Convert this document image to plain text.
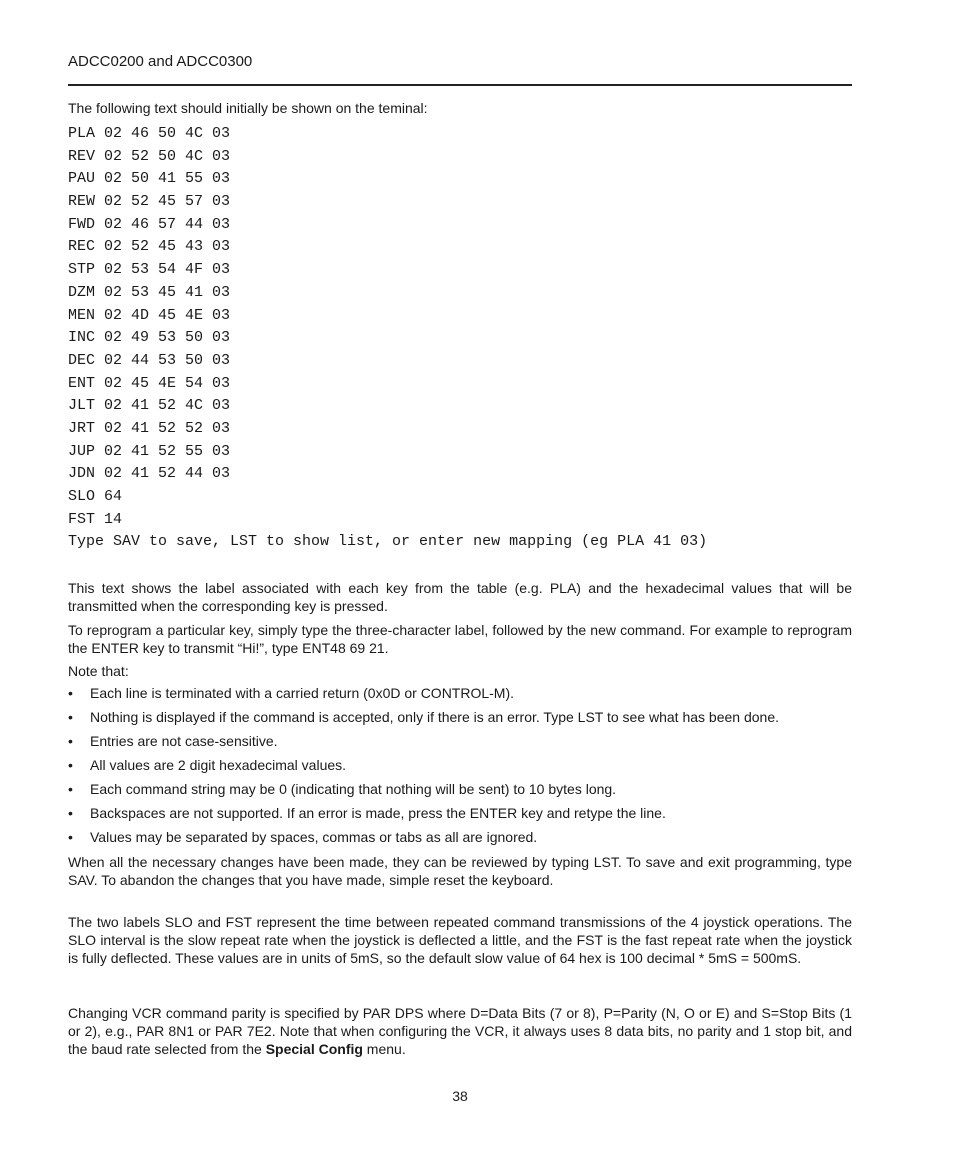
ADCC0200 and ADCC0300
The following text should initially be shown on the teminal:
PLA 02 46 50 4C 03
REV 02 52 50 4C 03
PAU 02 50 41 55 03
REW 02 52 45 57 03
FWD 02 46 57 44 03
REC 02 52 45 43 03
STP 02 53 54 4F 03
DZM 02 53 45 41 03
MEN 02 4D 45 4E 03
INC 02 49 53 50 03
DEC 02 44 53 50 03
ENT 02 45 4E 54 03
JLT 02 41 52 4C 03
JRT 02 41 52 52 03
JUP 02 41 52 55 03
JDN 02 41 52 44 03
SLO 64
FST 14
Type SAV to save, LST to show list, or enter new mapping (eg PLA 41 03)

This text shows the label associated with each key from the table (e.g. PLA) and the hexadecimal values that will be transmitted when the corresponding key is pressed.

To reprogram a particular key, simply type the three-character label, followed by the new command. For example to reprogram the ENTER key to transmit “Hi!”, type ENT48 69 21.

Note that:

• Each line is terminated with a carried return (0x0D or CONTROL-M).
• Nothing is displayed if the command is accepted, only if there is an error. Type LST to see what has been done.
• Entries are not case-sensitive.
• All values are 2 digit hexadecimal values.
• Each command string may be 0 (indicating that nothing will be sent) to 10 bytes long.
• Backspaces are not supported. If an error is made, press the ENTER key and retype the line.
• Values may be separated by spaces, commas or tabs as all are ignored.

When all the necessary changes have been made, they can be reviewed by typing LST. To save and exit programming, type SAV. To abandon the changes that you have made, simple reset the keyboard.

The two labels SLO and FST represent the time between repeated command transmissions of the 4 joystick operations. The SLO interval is the slow repeat rate when the joystick is deflected a little, and the FST is the fast repeat rate when the joystick is fully deflected. These values are in units of 5mS, so the default slow value of 64 hex is 100 decimal * 5mS = 500mS.

Changing VCR command parity is specified by PAR DPS where D=Data Bits (7 or 8), P=Parity (N, O or E) and S=Stop Bits (1 or 2), e.g., PAR 8N1 or PAR 7E2. Note that when configuring the VCR, it always uses 8 data bits, no parity and 1 stop bit, and the baud rate selected from the Special Config menu.

38
